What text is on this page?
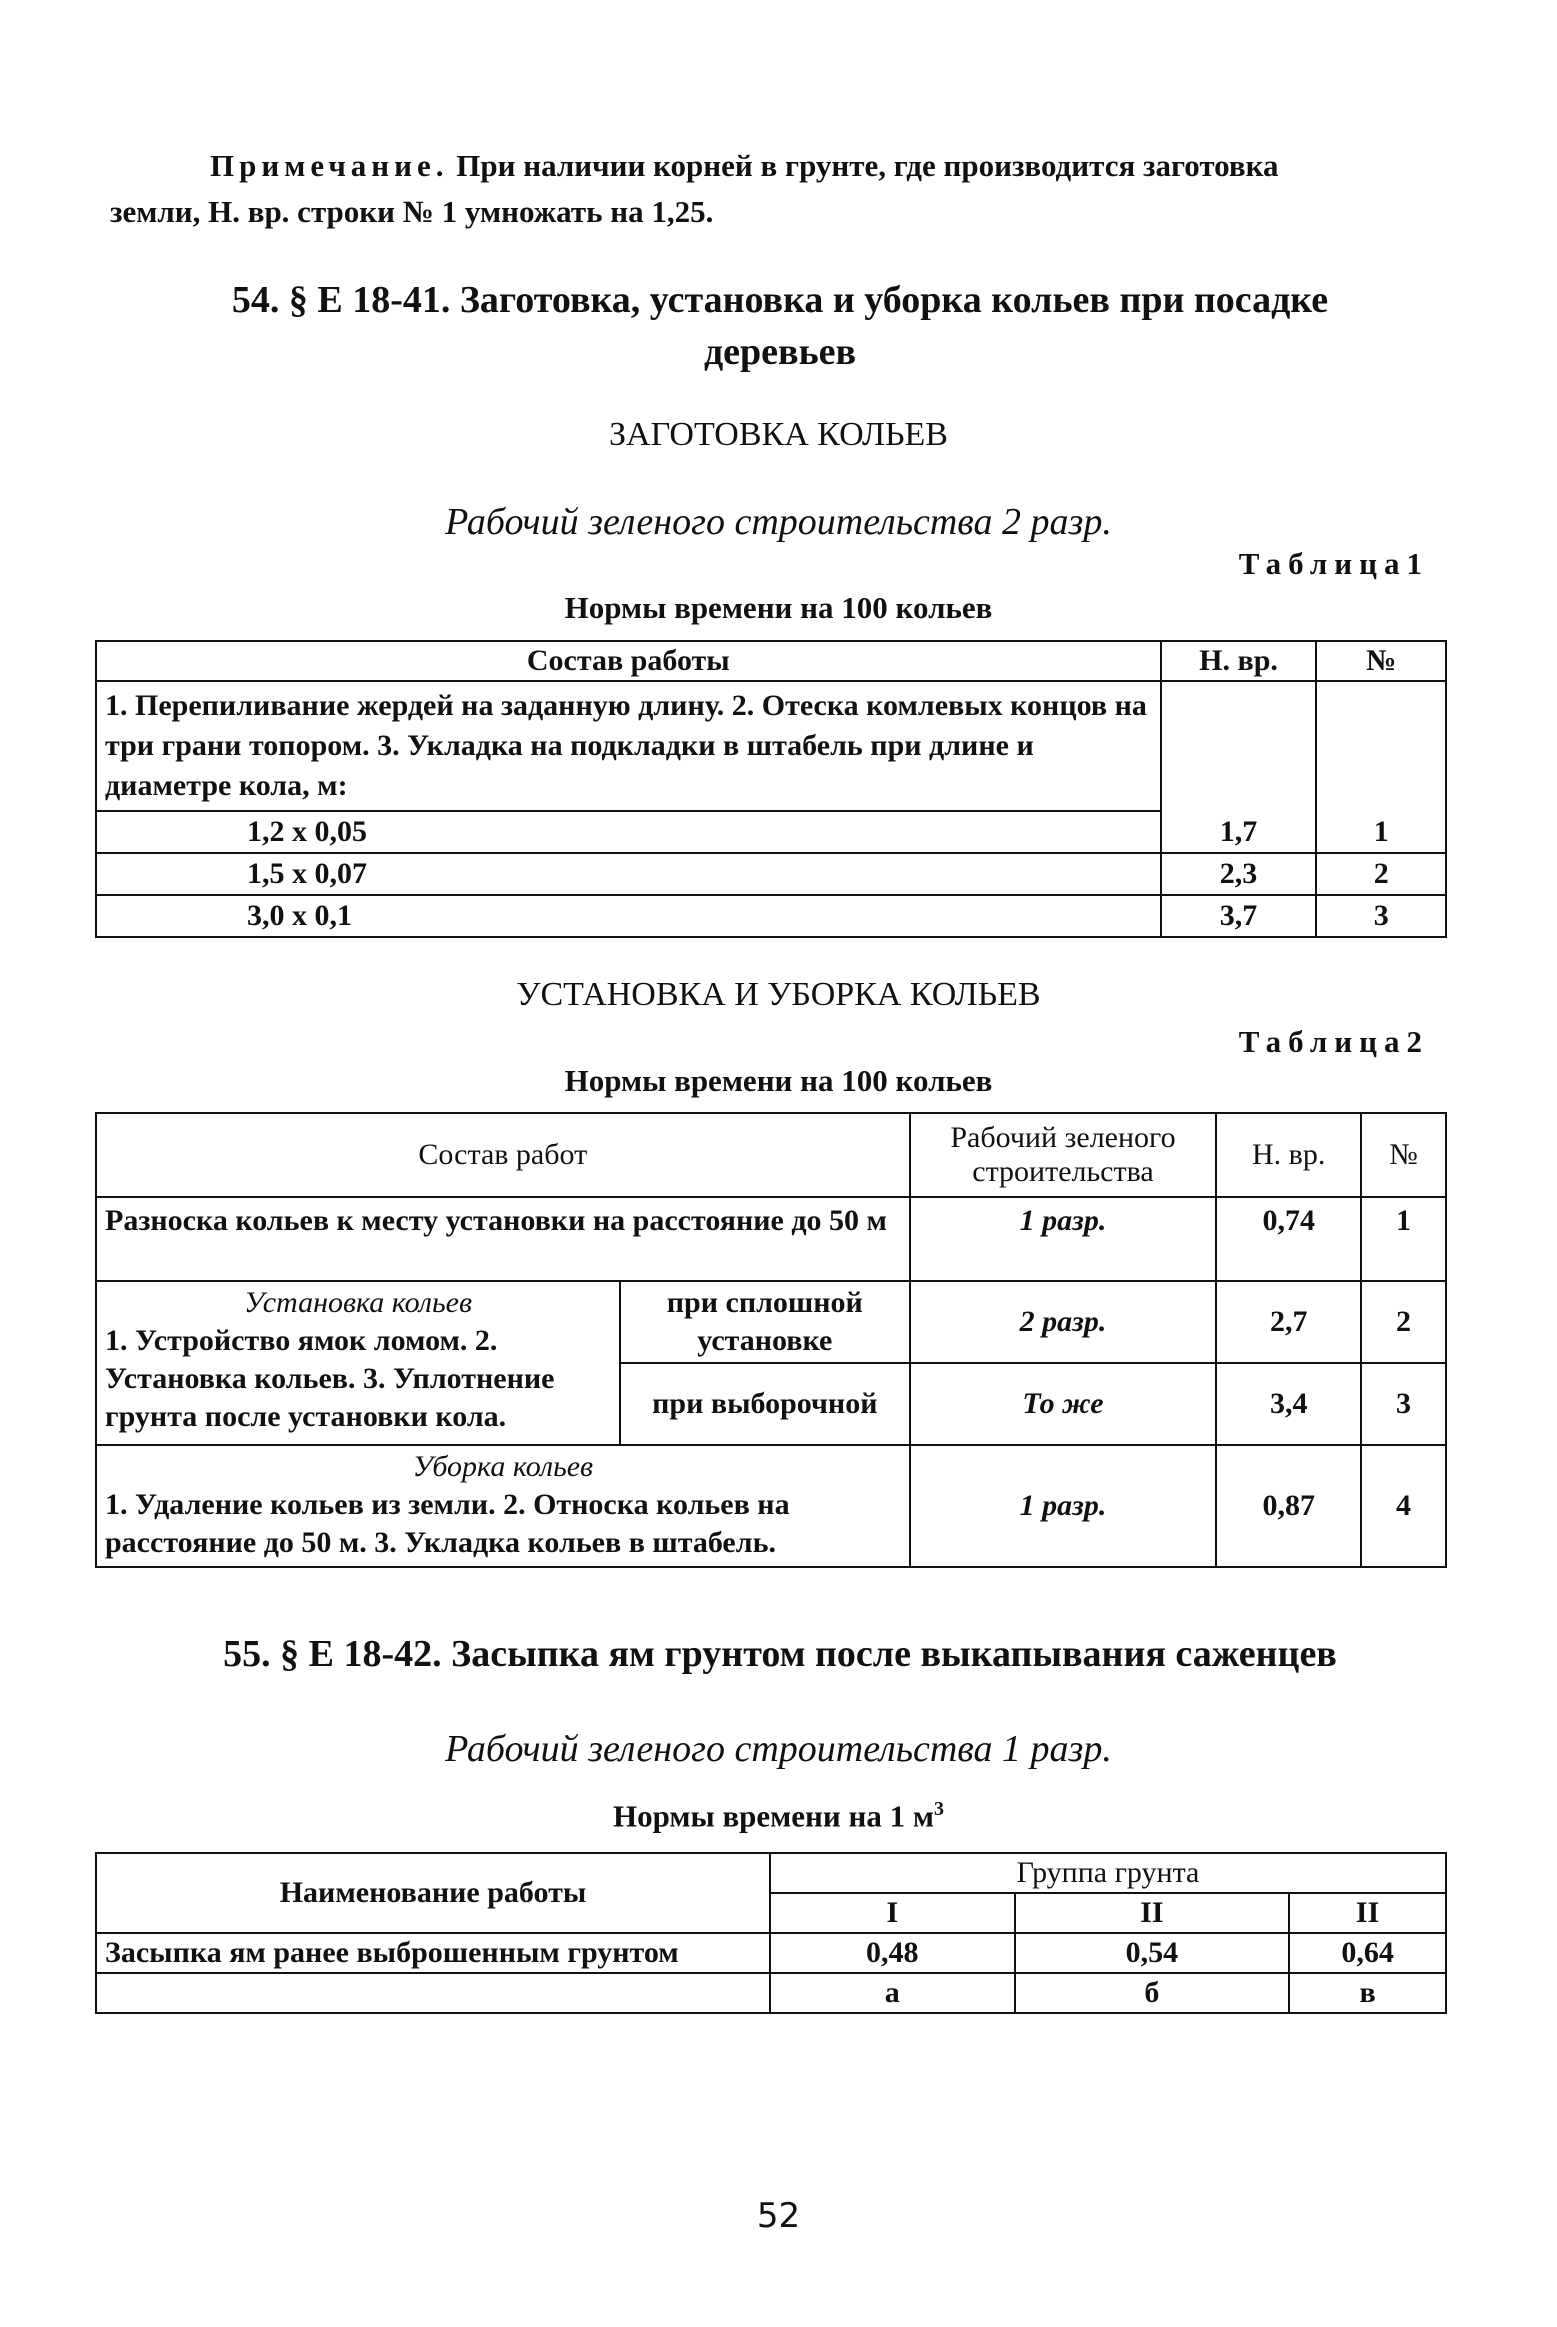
Примечание. При наличии корней в грунте, где производится заготовка
земли, Н. вр. строки № 1 умножать на 1,25.
54. § Е 18-41. Заготовка, установка и уборка кольев при посадке
деревьев
ЗАГОТОВКА КОЛЬЕВ
Рабочий зеленого строительства 2 разр.
Таблица1
Нормы времени на 100 кольев
Состав работы	Н. вр.	№
1. Перепиливание жердей на заданную длину. 2. Отеска комлевых концов на три грани топором. 3. Укладка на подкладки в штабель при длине и диаметре кола, м:		
1,2 х 0,05	1,7	1
1,5 х 0,07	2,3	2
3,0 х 0,1	3,7	3
УСТАНОВКА И УБОРКА КОЛЬЕВ
Таблица2
Нормы времени на 100 кольев
Состав работ		Рабочий зеленого строительства	Н. вр.	№
Разноска кольев к месту установки на расстояние до 50 м		1 разр.	0,74	1

Установка кольев
1. Устройство ямок ломом. 2. Установка кольев. 3. Уплотнение грунта после установки кола.	при сплошной установке	2 разр.	2,7	2
	при выборочной	То же	3,4	3

Уборка кольев
1. Удаление кольев из земли. 2. Относка кольев на расстояние до 50 м. 3. Укладка кольев в штабель.		1 разр.	0,87	4
55. § Е 18-42. Засыпка ям грунтом после выкапывания саженцев
Рабочий зеленого строительства 1 разр.
Нормы времени на 1 $м^3$
Наименование работы	Группа грунта		
	I	II	II
Засыпка ям ранее выброшенным грунтом	0,48	0,54	0,64
	а	б	в
52
